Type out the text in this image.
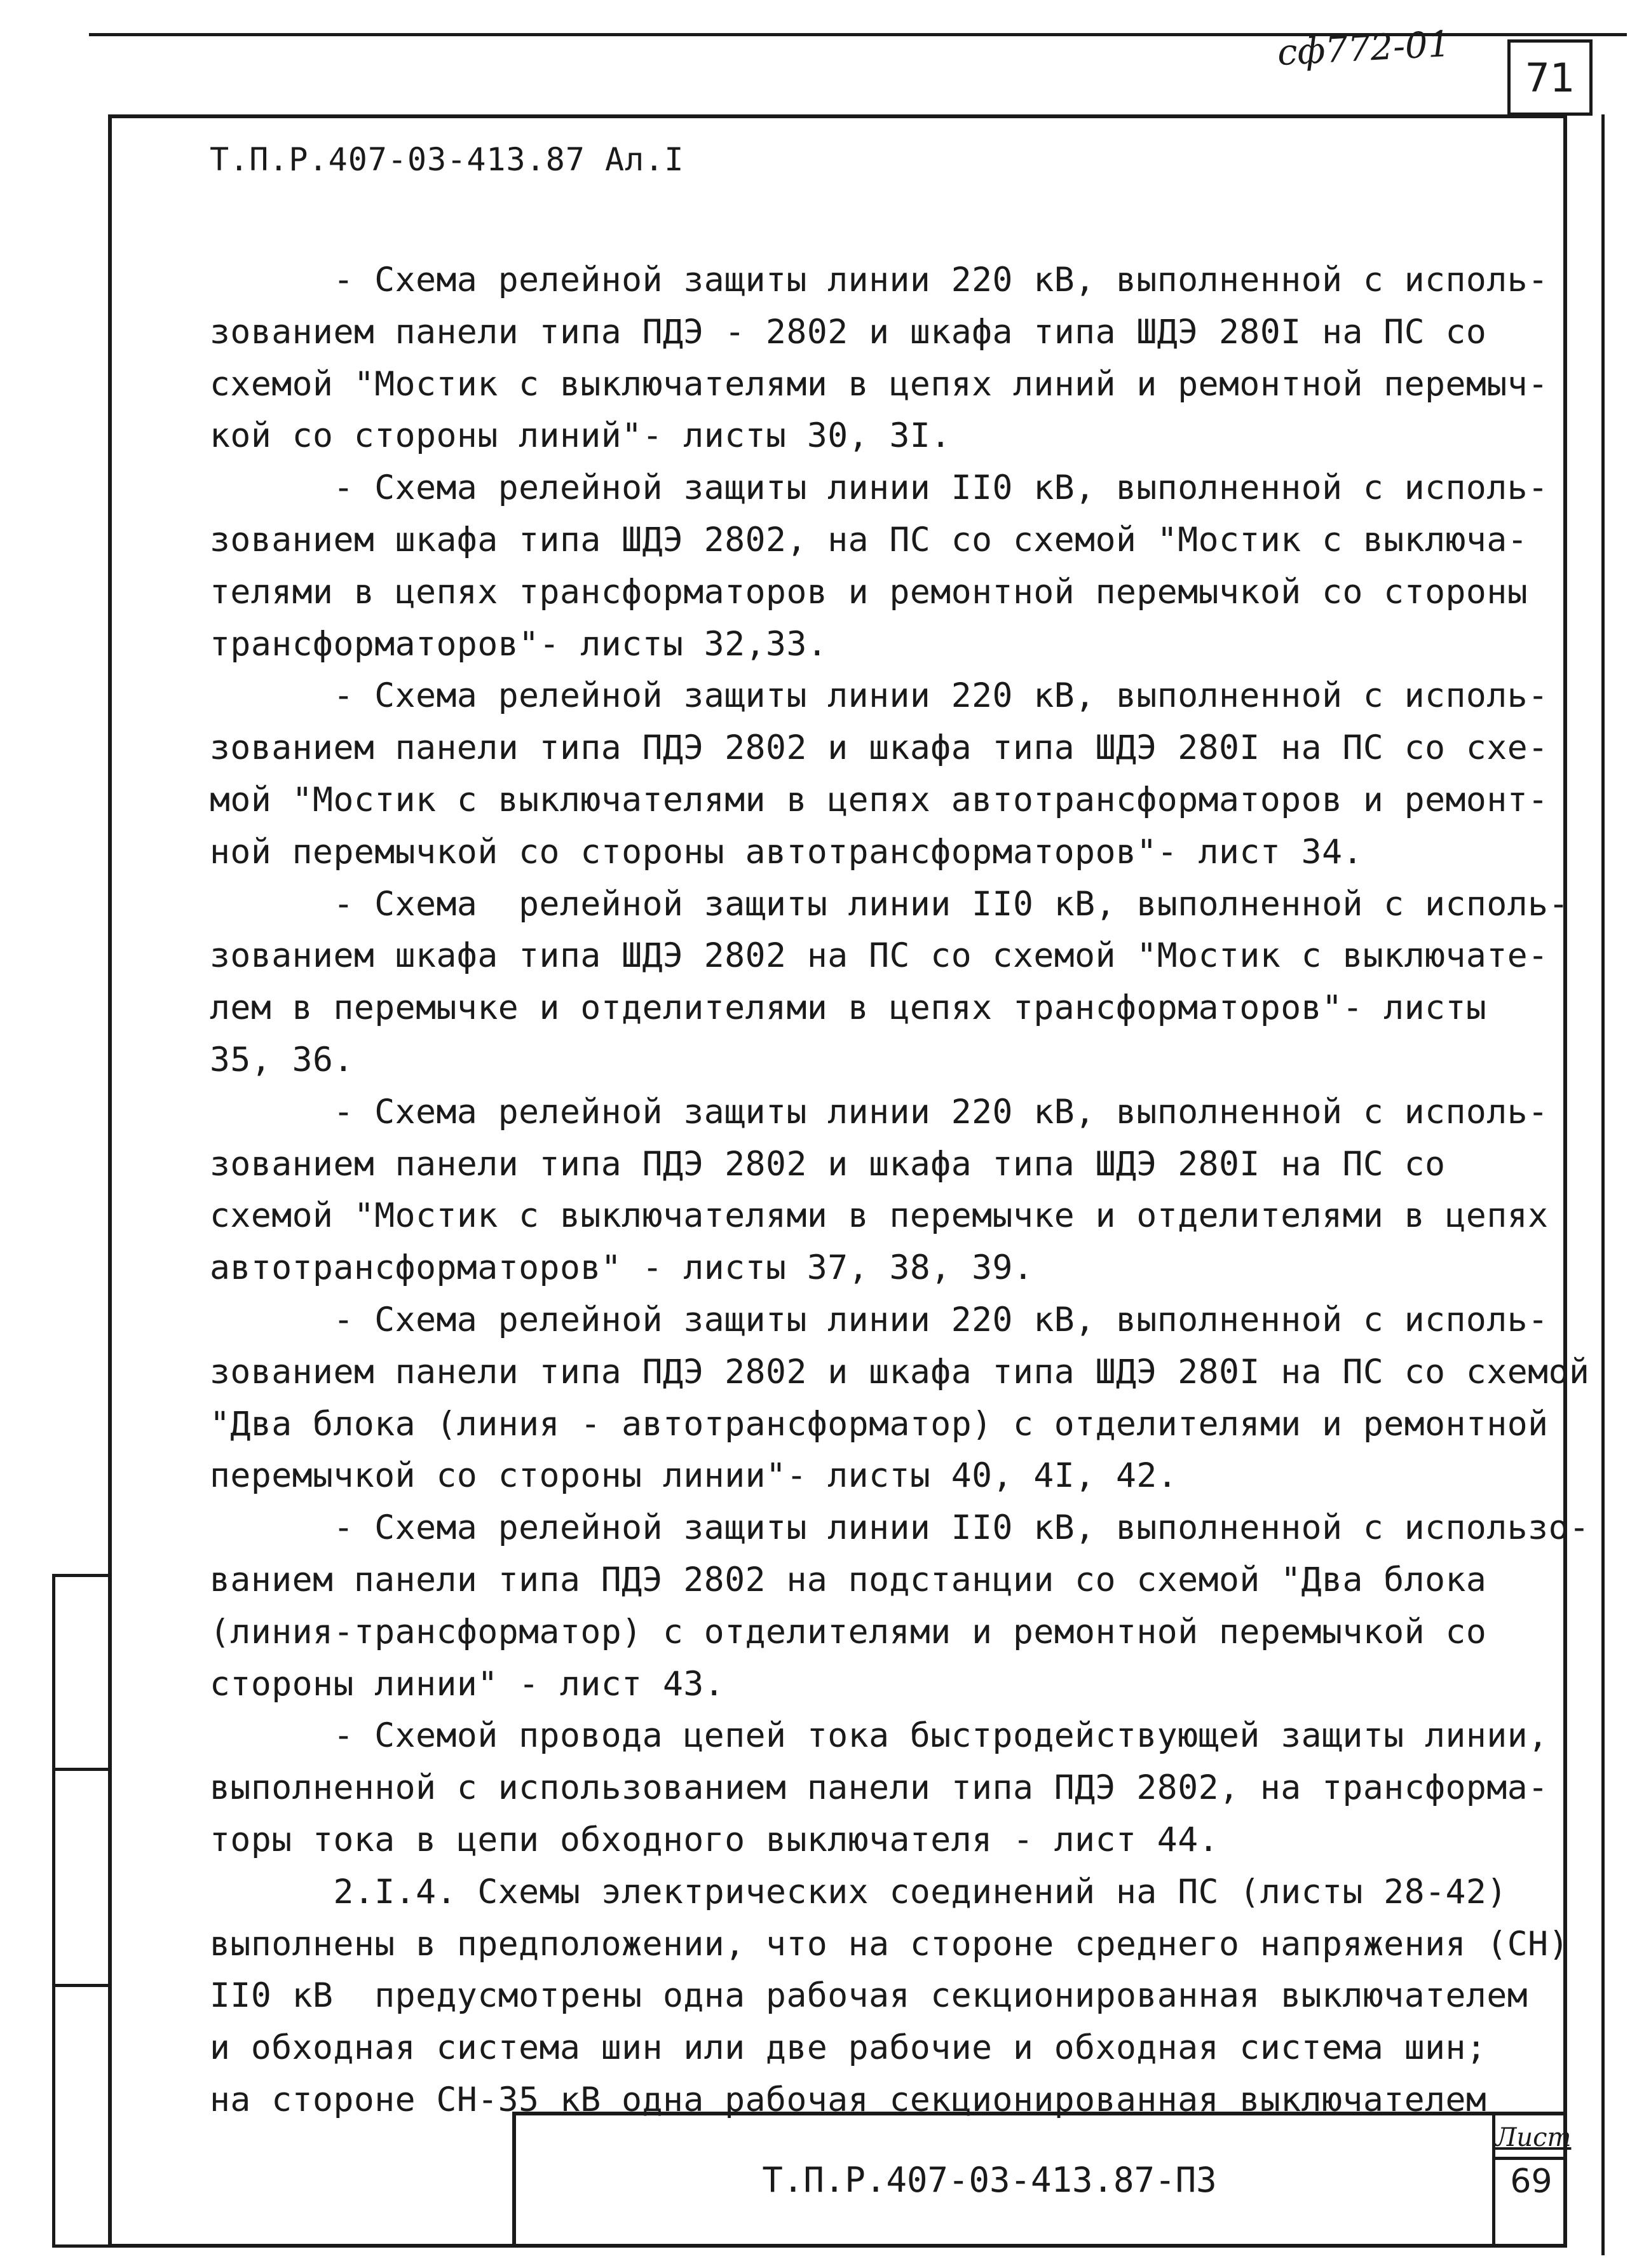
сф772-01
71
Т.П.Р.407-03-413.87 Ал.I
- Схема релейной защиты линии 220 кВ, выполненной с исполь-
зованием панели типа ПДЭ - 2802 и шкафа типа ШДЭ 280I на ПС со
схемой "Мостик с выключателями в цепях линий и ремонтной перемыч-
кой со стороны линий"- листы 30, 3I.
- Схема релейной защиты линии II0 кВ, выполненной с исполь-
зованием шкафа типа ШДЭ 2802, на ПС со схемой "Мостик с выключа-
телями в цепях трансформаторов и ремонтной перемычкой со стороны
трансформаторов"- листы 32,33.
- Схема релейной защиты линии 220 кВ, выполненной с исполь-
зованием панели типа ПДЭ 2802 и шкафа типа ШДЭ 280I на ПС со схе-
мой "Мостик с выключателями в цепях автотрансформаторов и ремонт-
ной перемычкой со стороны автотрансформаторов"- лист 34.
- Схема  релейной защиты линии II0 кВ, выполненной с исполь-
зованием шкафа типа ШДЭ 2802 на ПС со схемой "Мостик с выключате-
лем в перемычке и отделителями в цепях трансформаторов"- листы
35, 36.
- Схема релейной защиты линии 220 кВ, выполненной с исполь-
зованием панели типа ПДЭ 2802 и шкафа типа ШДЭ 280I на ПС со
схемой "Мостик с выключателями в перемычке и отделителями в цепях
автотрансформаторов" - листы 37, 38, 39.
- Схема релейной защиты линии 220 кВ, выполненной с исполь-
зованием панели типа ПДЭ 2802 и шкафа типа ШДЭ 280I на ПС со схемой
"Два блока (линия - автотрансформатор) с отделителями и ремонтной
перемычкой со стороны линии"- листы 40, 4I, 42.
- Схема релейной защиты линии II0 кВ, выполненной с использо-
ванием панели типа ПДЭ 2802 на подстанции со схемой "Два блока
(линия-трансформатор) с отделителями и ремонтной перемычкой со
стороны линии" - лист 43.
- Схемой провода цепей тока быстродействующей защиты линии,
выполненной с использованием панели типа ПДЭ 2802, на трансформа-
торы тока в цепи обходного выключателя - лист 44.
2.I.4. Схемы электрических соединений на ПС (листы 28-42)
выполнены в предположении, что на стороне среднего напряжения (СН)
II0 кВ  предусмотрены одна рабочая секционированная выключателем
и обходная система шин или две рабочие и обходная система шин;
на стороне СН-35 кВ одна рабочая секционированная выключателем
Т.П.Р.407-03-413.87-ПЗ
Лист
69
